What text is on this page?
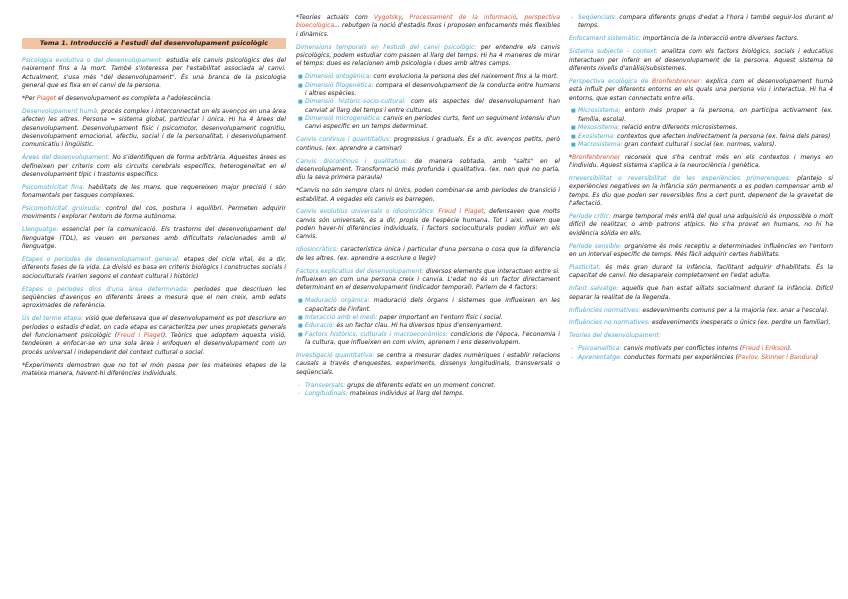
Tema 1. Introducció a l'estudi del desenvolupament psicològic

Psicologia evolutiva o del desenvolupament: estudia els canvis psicològics des del naixement fins a la mort. També s'interessa per l'estabilitat associada al canvi. Actualment, s'usa més "del desenvolupament". És una branca de la psicologia general que es fixa en el canvi de la persona.

*Per Piaget el desenvolupament es completa a l'adolescència.

Desenvolupament humà: procés complex i interconnectat on els avenços en una àrea afecten les altres. Persona = sistema global, particular i única. Hi ha 4 àrees del desenvolupament. Desenvolupament físic i psicomotor, desenvolupament cognitiu, desenvolupament emocional, afectiu, social i de la personalitat, i desenvolupament comunicatiu i lingüístic.

Àrees del desenvolupament: No s'identifiquen de forma arbitrària. Aquestes àrees es defineixen per criteris com els circuits cerebrals específics, heterogeneïtat en el desenvolupament típic i trastorns específics.

Psicomotricitat fina: habilitats de les mans, que requereixen major precisió i són fonamentals per tasques complexes.

Psicomotricitat gruixuda: control del cos, postura i equilibri. Permeten adquirir moviments i explorar l'entorn de forma autònoma.

Llenguatge: essencial per la comunicació. Els trastorns del desenvolupament del llenguatge (TDL), es veuen en persones amb dificultats relacionades amb el llenguatge.

Etapes o períodes de desenvolupament general: etapes del cicle vital, és a dir, diferents fases de la vida. La divisió es basa en criteris biològics i constructes socials i socioculturals (varien segons el context cultural i històric)

Etapes o períodes dins d'una àrea determinada: períodes que descriuen les seqüències d'avenços en diferents àrees a mesura que el nen creix, amb edats aproximades de referència.

Ús del terme etapa: visió que defensava que el desenvolupament es pot descriure en períodes o estadis d'edat, on cada etapa es caracteritza per unes propietats generals del funcionament psicològic (Freud i Piaget). Teòrics que adoptem aquesta visió, tendeixen a enfocar-se en una sola àrea i enfoquen el desenvolupament com un procés universal i independent del context cultural o social.

*Experiments demostren que no tot el món passa per les mateixes etapes de la mateixa manera, havent-hi diferències individuals.

*Teories actuals com Vygotsky, Processament de la informació, perspectiva bioecològica... rebutgen la noció d'estadis fixos i proposen enfocaments més flexibles i dinàmics.

Dimensions temporals en l'estudi del canvi psicològic: per entendre els canvis psicològics, podem estudiar com passen al llarg del temps. Hi ha 4 maneres de mirar el temps: dues es relacionen amb psicologia i dues amb altres camps.

■ Dimensió ontogènica: com evoluciona la persona des del naixement fins a la mort.
■ Dimensió filogenètica: compara el desenvolupament de la conducta entre humans i altres espècies.
■ Dimensió històric-socio-cultural: com els aspectes del desenvolupament han canviat al llarg del temps i entre cultures.
■ Dimensió microgenètica: canvis en períodes curts, fent un seguiment intensiu d'un canvi específic en un temps determinat.

Canvis continus i quantitatius: progressius i graduals. És a dir, avenços petits, però continus. (ex. aprendre a caminar)

Canvis discontinus i qualitatius: de manera sobtada, amb "salts" en el desenvolupament. Transformació més profunda i qualitativa. (ex. nen que no parla, diu la seva primera paraula)

*Canvis no són sempre clars ni únics, poden combinar-se amb períodes de transició i estabilitat. A vegades els canvis es barregen.

Canvis evolutius universals o idiosincràtics: Freud i Piaget, defensaven que molts canvis són universals, és a dir, propis de l'espècie humana. Tot i així, veiem que poden haver-hi diferències individuals, i factors socioculturals poden influir en els canvis.

Idiosincràtics: característica única i particular d'una persona o cosa que la diferencia de les altres. (ex. aprendre a escriure o llegir)

Factors explicatius del desenvolupament: diversos elements que interactuen entre si. Influeixen en com una persona creix i canvia. L'edat no és un factor directament determinant en el desenvolupament (indicador temporal). Parlem de 4 factors:

■ Maduració orgànica: maduració dels òrgans i sistemes que influeixen en les capacitats de l'infant.
■ Interacció amb el medi: paper important en l'entorn físic i social.
■ Educació: és un factor clau. Hi ha diversos tipus d'ensenyament.
■ Factors històrics, culturals i macroeconòmics: condicions de l'època, l'economia i la cultura, que influeixen en com vivim, aprenem i ens desenvolupem.

Investigació quantitativa: se centra a mesurar dades numèriques i establir relacions causals a través d'enquestes, experiments, dissenys longitudinals, transversals o seqüencials.

- Transversals: grups de diferents edats en un moment concret.
- Longitudinals: mateixos individus al llarg del temps.
- Seqüencials: compara diferents grups d'edat a l'hora i també seguir-los durant el temps.

Enfocament sistemàtic: importància de la interacció entre diverses factors.

Sistema subjecte – context: analitza com els factors biològics, socials i educatius interactuen per inferir en el desenvolupament de la persona. Aquest sistema té diferents nivells d'anàlisi/subsistemes.

Perspectiva ecològica de Bronfenbrenner: explica com el desenvolupament humà està influït per diferents entorns en els quals una persona viu i interactua. Hi ha 4 entorns, que estan connectats entre ells.

■ Microsistema: entorn més proper a la persona, on participa activament (ex. família, escola).
■ Mesosistema: relació entre diferents microsistemes.
■ Exosistema: contextos que afecten indirectament la persona (ex. feina dels pares)
■ Macrosistema: gran context cultural i social (ex. normes, valors).

*Bronfenbrenner reconeix que s'ha centrat més en els contextos i menys en l'individu. Aquest sistema s'aplica a la neurociència i genètica.

Irreversibilitat o reversibilitat de les experiències primerenques: plantejo si experiències negatives en la infància són permanents o es poden compensar amb el temps. Es diu que poden ser reversibles fins a cert punt, depenent de la gravetat de l'afectació.

Període crític: marge temporal més enllà del qual una adquisició és impossible o molt difícil de realitzar, o amb patrons atípics. No s'ha provat en humans, no hi ha evidència sòlida en ells.

Període sensible: organisme és més receptiu a determinades influències en l'entorn en un interval específic de temps. Més fàcil adquirir certes habilitats.

Plasticitat: és més gran durant la infància, facilitant adquirir d'habilitats. És la capacitat de canvi. No desapareix completament en l'edat adulta.

Infant salvatge: aquells que han estat aïllats socialment durant la infància. Difícil separar la realitat de la llegenda.

Influències normatives: esdeveniments comuns per a la majoria (ex. anar a l'escola).

Influències no normatives: esdeveniments inesperats o únics (ex. perdre un familiar).

Teories del desenvolupament:

- Psicoanalítica: canvis motivats per conflictes interns (Freud i Erikson).
- Aprenentatge: conductes formats per experiències (Pavlov, Skinner i Bandura)
